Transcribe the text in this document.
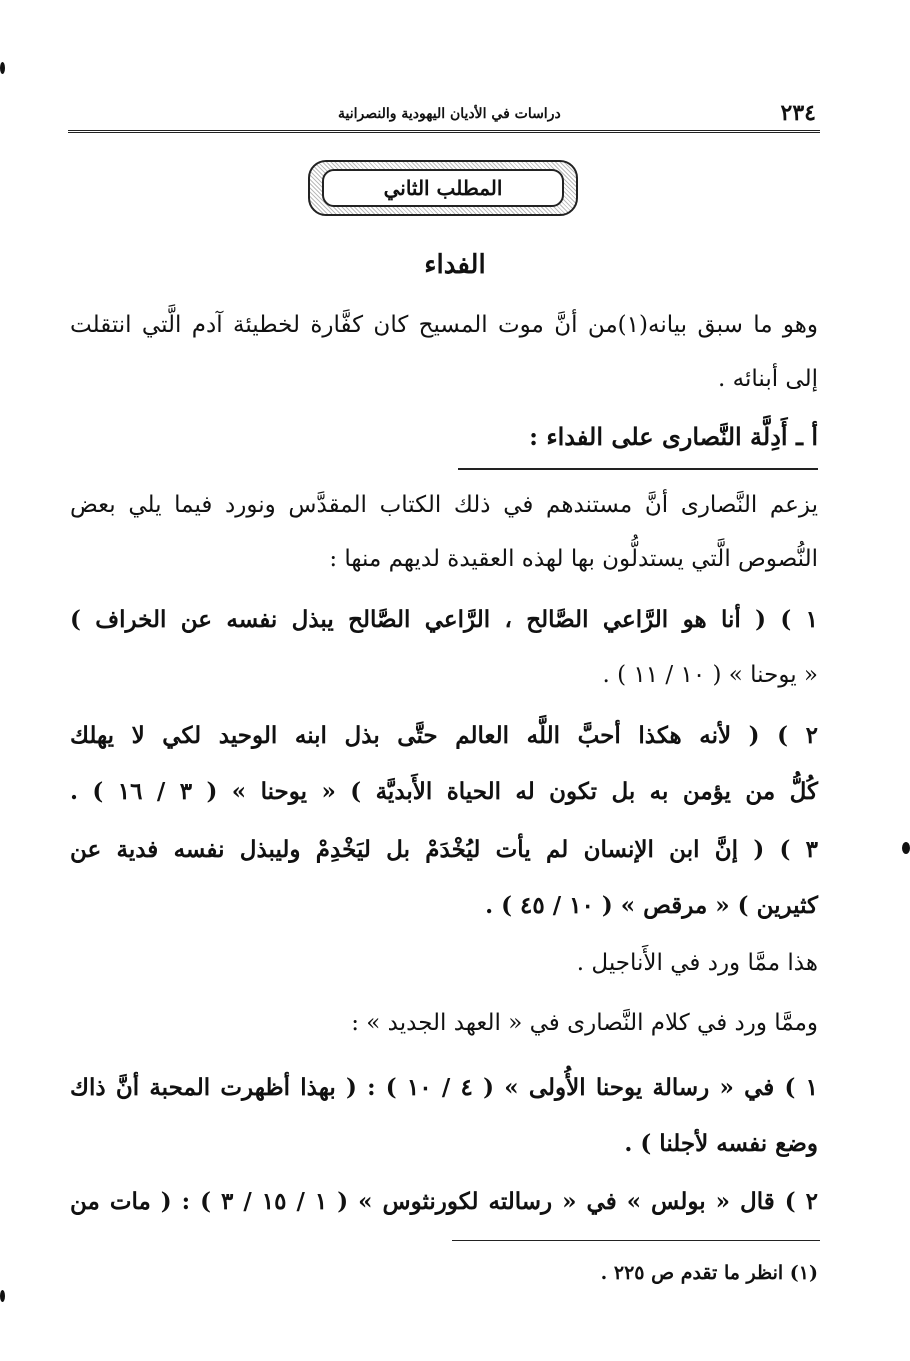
٢٣٤
دراسات في الأديان اليهودية والنصرانية
المطلب الثاني
الفداء
وهو ما سبق بيانه(١)من أنَّ موت المسيح كان كفَّارة لخطيئة آدم الَّتي انتقلت
إلى أبنائه .
أ ـ أَدِلَّة النَّصارى على الفداء :
يزعم النَّصارى أنَّ مستندهم في ذلك الكتاب المقدَّس ونورد فيما يلي بعض
النُّصوص الَّتي يستدلُّون بها لهذه العقيدة لديهم منها :
١ ) ( أنا هو الرَّاعي الصَّالح ، الرَّاعي الصَّالح يبذل نفسه عن الخراف )
« يوحنا » ( ١٠ / ١١ ) .
٢ ) ( لأنه هكذا أحبَّ اللَّه العالم حتَّى بذل ابنه الوحيد لكي لا يهلك
كُلُّ من يؤمن به بل تكون له الحياة الأَبديَّة ) « يوحنا » ( ٣ / ١٦ ) .
٣ ) ( إنَّ ابن الإنسان لم يأت ليُخْدَمْ بل ليَخْدِمْ وليبذل نفسه فدية عن
كثيرين ) « مرقص » ( ١٠ / ٤٥ ) .
هذا ممَّا ورد في الأَناجيل .
وممَّا ورد في كلام النَّصارى في « العهد الجديد » :
١ ) في « رسالة يوحنا الأُولى » ( ٤ / ١٠ ) : ( بهذا أظهرت المحبة أنَّ ذاك
وضع نفسه لأجلنا ) .
٢ ) قال « بولس » في « رسالته لكورنثوس » ( ١ / ١٥ / ٣ ) : ( مات من
(١) انظر ما تقدم ص ٢٢٥ .
